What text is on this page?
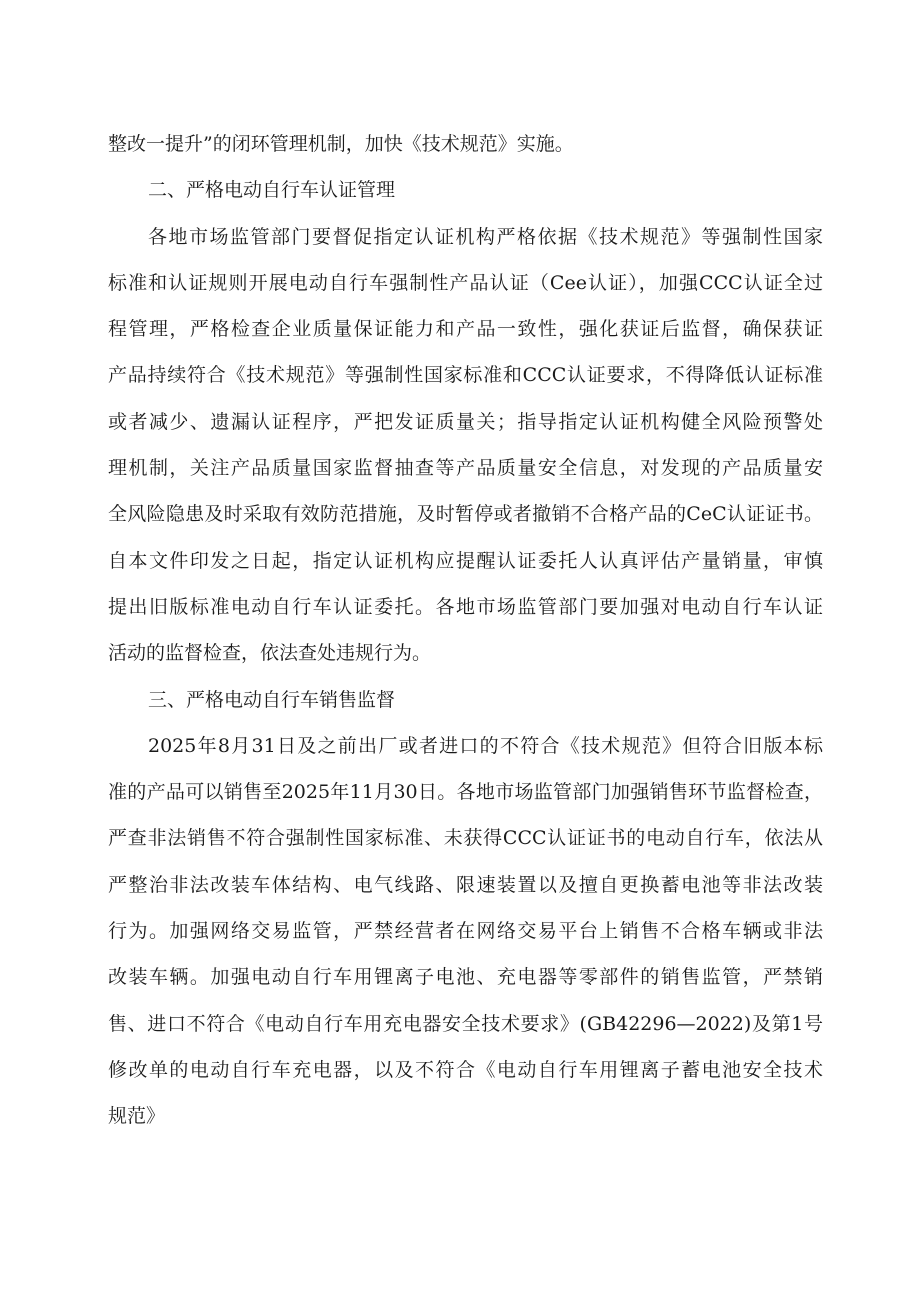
整改一提升”的闭环管理机制，加快《技术规范》实施。
二、严格电动自行车认证管理
各地市场监管部门要督促指定认证机构严格依据《技术规范》等强制性国家
标准和认证规则开展电动自行车强制性产品认证（Cee认证），加强CCC认证全过
程管理，严格检查企业质量保证能力和产品一致性，强化获证后监督，确保获证
产品持续符合《技术规范》等强制性国家标准和CCC认证要求，不得降低认证标准
或者减少、遗漏认证程序，严把发证质量关；指导指定认证机构健全风险预警处
理机制，关注产品质量国家监督抽查等产品质量安全信息，对发现的产品质量安
全风险隐患及时采取有效防范措施，及时暂停或者撤销不合格产品的CeC认证证书。
自本文件印发之日起，指定认证机构应提醒认证委托人认真评估产量销量，审慎
提出旧版标准电动自行车认证委托。各地市场监管部门要加强对电动自行车认证
活动的监督检查，依法查处违规行为。
三、严格电动自行车销售监督
2025年8月31日及之前出厂或者进口的不符合《技术规范》但符合旧版本标
准的产品可以销售至2025年11月30日。各地市场监管部门加强销售环节监督检查，
严查非法销售不符合强制性国家标准、未获得CCC认证证书的电动自行车，依法从
严整治非法改装车体结构、电气线路、限速装置以及擅自更换蓄电池等非法改装
行为。加强网络交易监管，严禁经营者在网络交易平台上销售不合格车辆或非法
改装车辆。加强电动自行车用锂离子电池、充电器等零部件的销售监管，严禁销
售、进口不符合《电动自行车用充电器安全技术要求》(GB42296—2022)及第1号
修改单的电动自行车充电器，以及不符合《电动自行车用锂离子蓄电池安全技术
规范》
